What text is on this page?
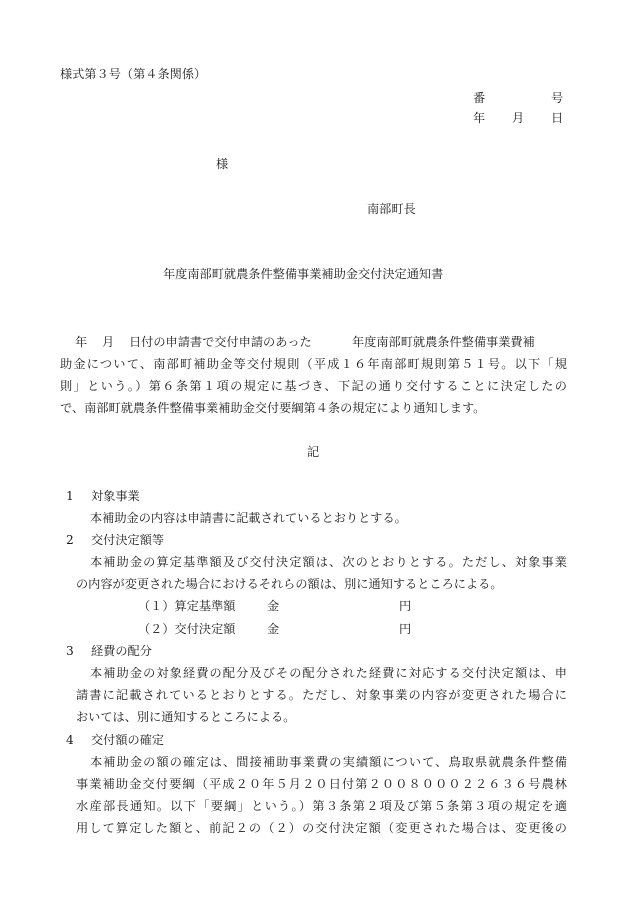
様式第３号（第４条関係）
番	号
年 月 日
様
南部町長
年度南部町就農条件整備事業補助金交付決定通知書
年 月 日付の申請書で交付申請のあった	年度南部町就農条件整備事業費補
助金について、南部町補助金等交付規則（平成１６年南部町規則第５１号。以下「規
則」という。）第６条第１項の規定に基づき、下記の通り交付することに決定したの
で、南部町就農条件整備事業補助金交付要綱第４条の規定により通知します。
記
1 対象事業
本補助金の内容は申請書に記載されているとおりとする。
2 交付決定額等
本補助金の算定基準額及び交付決定額は、次のとおりとする。ただし、対象事業
の内容が変更された場合におけるそれらの額は、別に通知するところによる。
（１）算定基準額	金	円
（２）交付決定額	金	円
3 経費の配分
本補助金の対象経費の配分及びその配分された経費に対応する交付決定額は、申
請書に記載されているとおりとする。ただし、対象事業の内容が変更された場合に
おいては、別に通知するところによる。
4 交付額の確定
本補助金の額の確定は、間接補助事業費の実績額について、鳥取県就農条件整備
事業補助金交付要綱（平成２０年５月２０日付第２００８０００２２６３６号農林
水産部長通知。以下「要綱」という。）第３条第２項及び第５条第３項の規定を適
用して算定した額と、前記２の（２）の交付決定額（変更された場合は、変更後の
